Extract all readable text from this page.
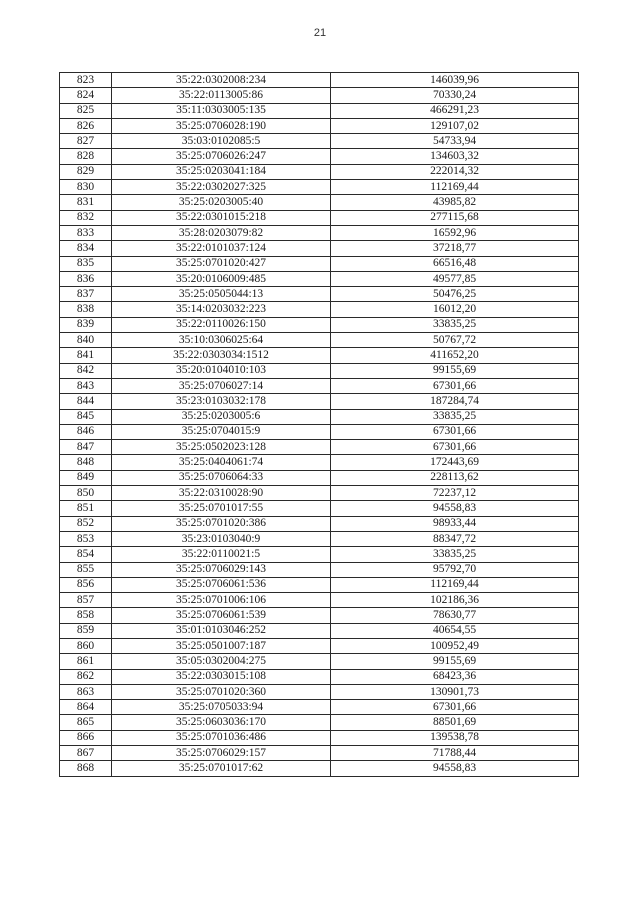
21
823	35:22:0302008:234	146039,96
824	35:22:0113005:86	70330,24
825	35:11:0303005:135	466291,23
826	35:25:0706028:190	129107,02
827	35:03:0102085:5	54733,94
828	35:25:0706026:247	134603,32
829	35:25:0203041:184	222014,32
830	35:22:0302027:325	112169,44
831	35:25:0203005:40	43985,82
832	35:22:0301015:218	277115,68
833	35:28:0203079:82	16592,96
834	35:22:0101037:124	37218,77
835	35:25:0701020:427	66516,48
836	35:20:0106009:485	49577,85
837	35:25:0505044:13	50476,25
838	35:14:0203032:223	16012,20
839	35:22:0110026:150	33835,25
840	35:10:0306025:64	50767,72
841	35:22:0303034:1512	411652,20
842	35:20:0104010:103	99155,69
843	35:25:0706027:14	67301,66
844	35:23:0103032:178	187284,74
845	35:25:0203005:6	33835,25
846	35:25:0704015:9	67301,66
847	35:25:0502023:128	67301,66
848	35:25:0404061:74	172443,69
849	35:25:0706064:33	228113,62
850	35:22:0310028:90	72237,12
851	35:25:0701017:55	94558,83
852	35:25:0701020:386	98933,44
853	35:23:0103040:9	88347,72
854	35:22:0110021:5	33835,25
855	35:25:0706029:143	95792,70
856	35:25:0706061:536	112169,44
857	35:25:0701006:106	102186,36
858	35:25:0706061:539	78630,77
859	35:01:0103046:252	40654,55
860	35:25:0501007:187	100952,49
861	35:05:0302004:275	99155,69
862	35:22:0303015:108	68423,36
863	35:25:0701020:360	130901,73
864	35:25:0705033:94	67301,66
865	35:25:0603036:170	88501,69
866	35:25:0701036:486	139538,78
867	35:25:0706029:157	71788,44
868	35:25:0701017:62	94558,83
